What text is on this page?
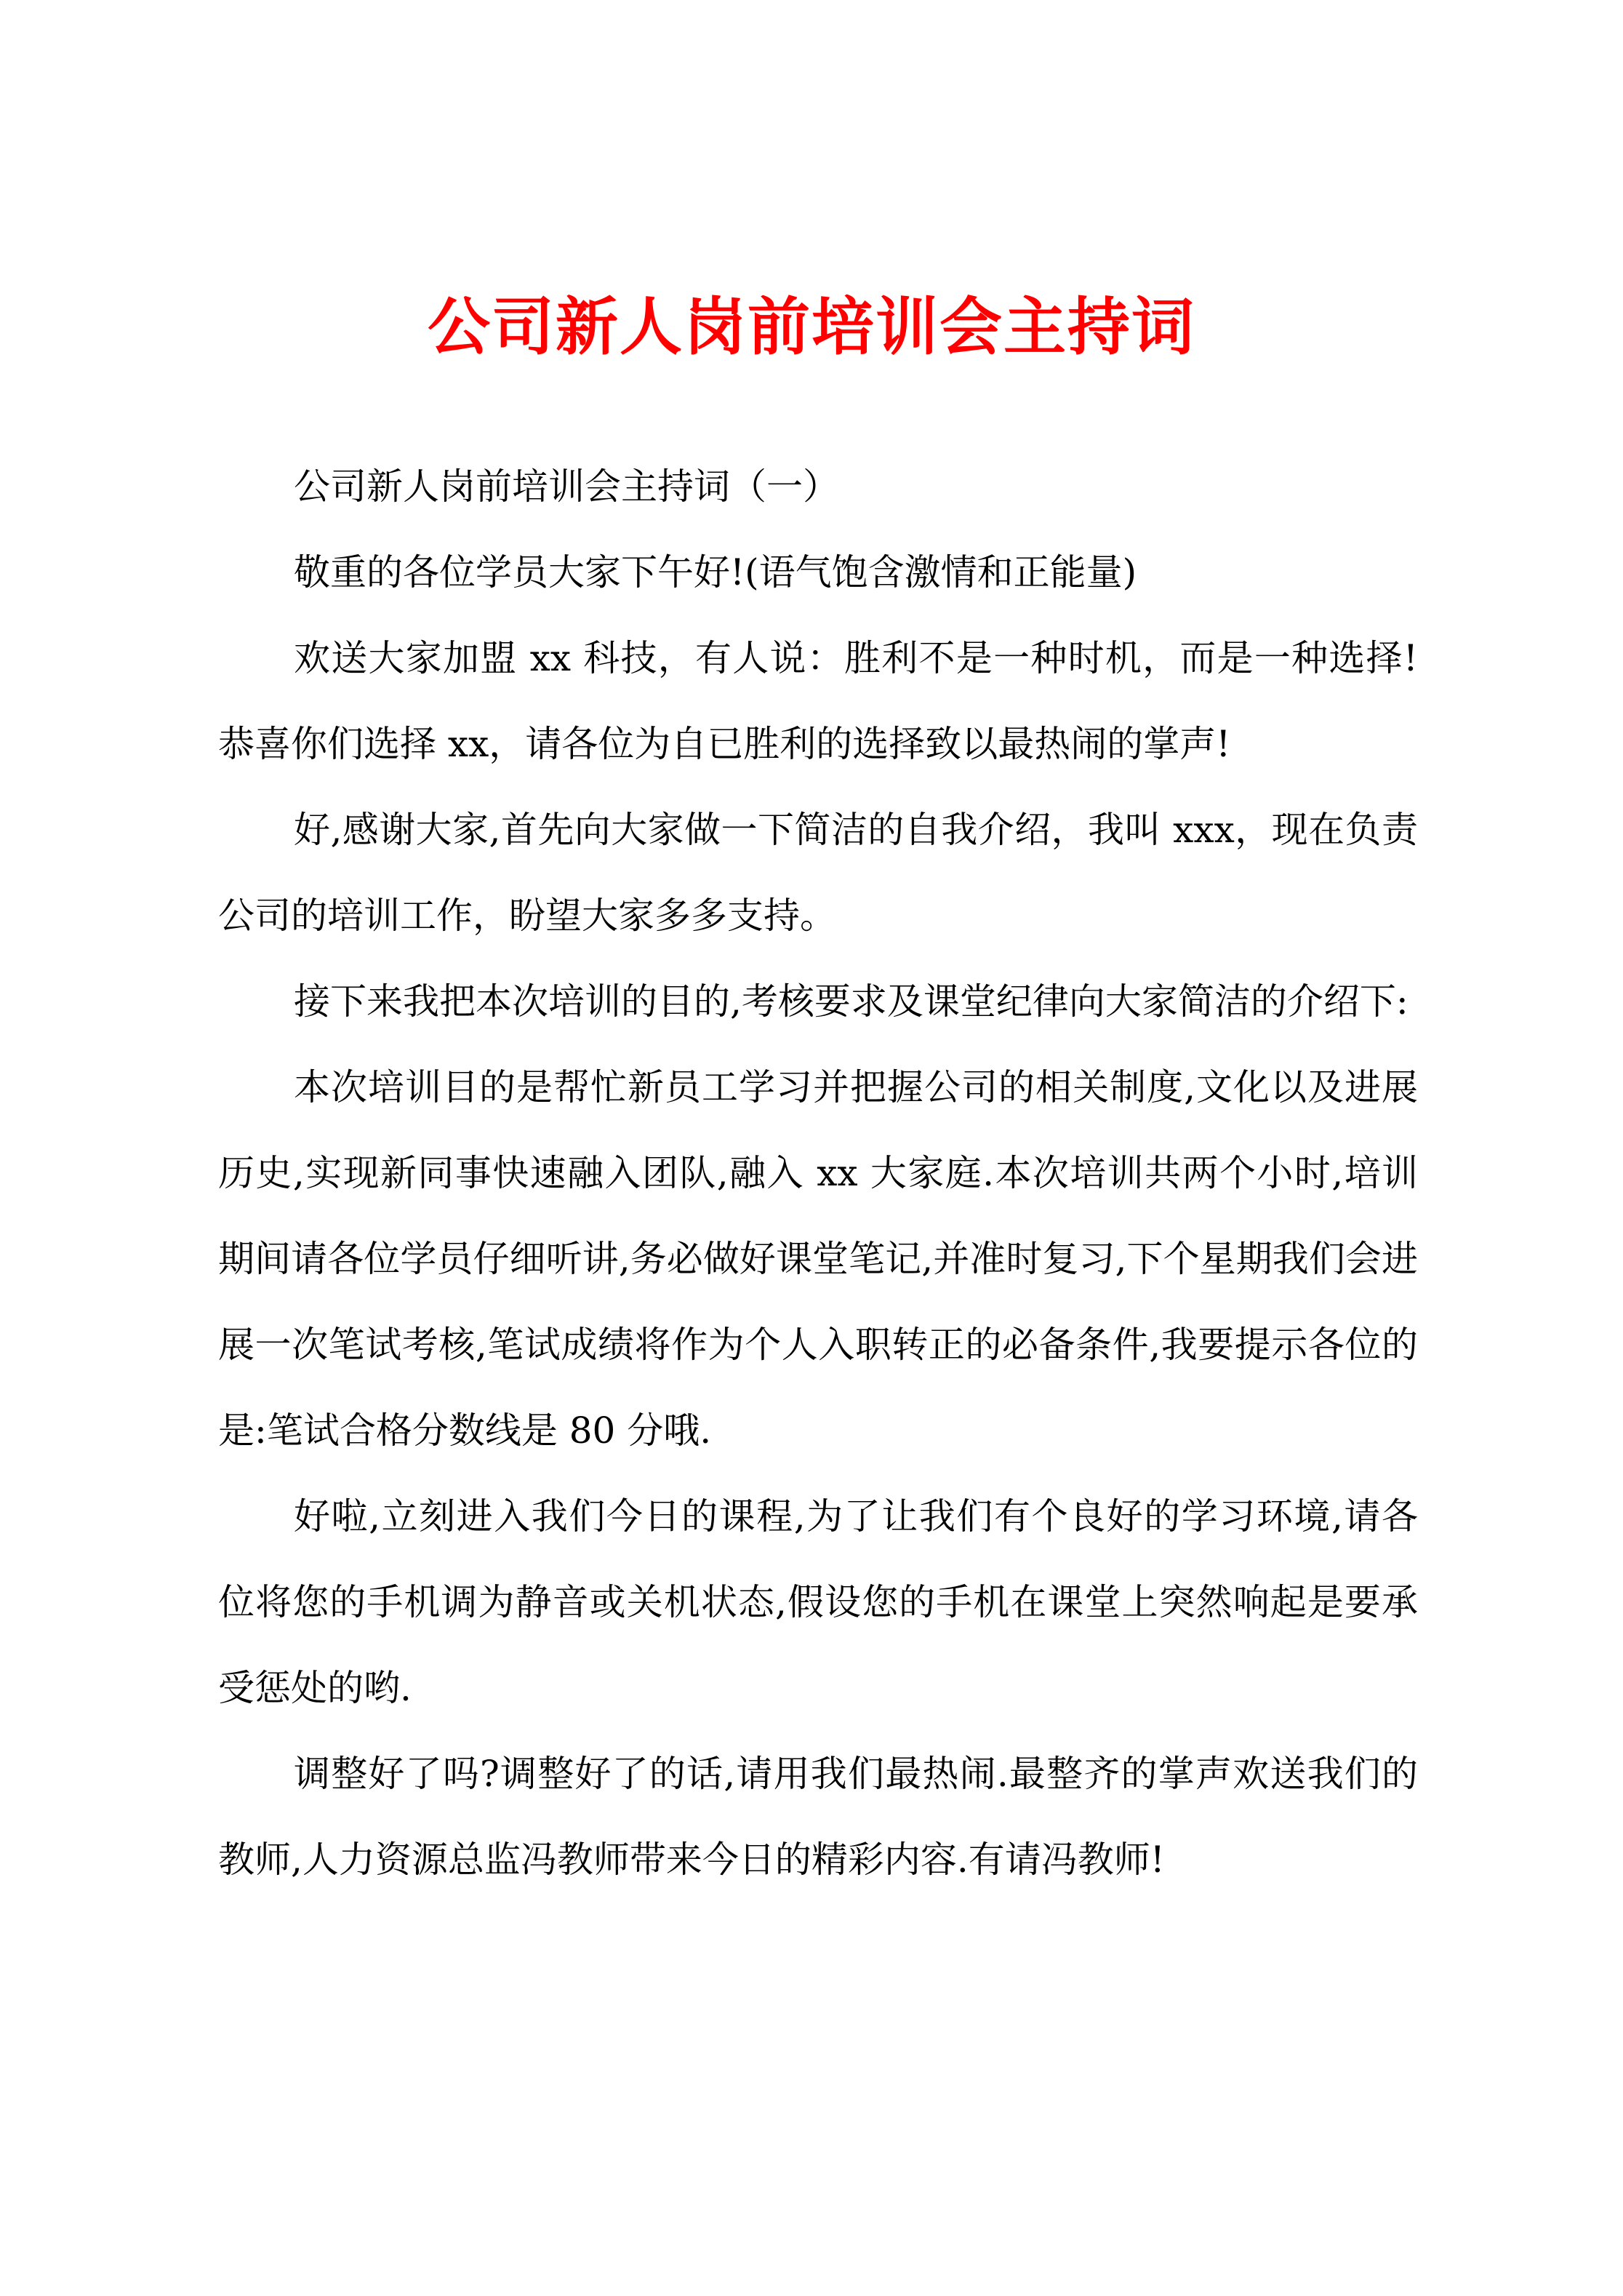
公司新人岗前培训会主持词

公司新人岗前培训会主持词（一）

敬重的各位学员大家下午好!(语气饱含激情和正能量)

欢送大家加盟 xx 科技，有人说：胜利不是一种时机，而是一种选择!恭喜你们选择 xx，请各位为自已胜利的选择致以最热闹的掌声!

好,感谢大家,首先向大家做一下简洁的自我介绍，我叫 xxx，现在负责公司的培训工作，盼望大家多多支持。

接下来我把本次培训的目的,考核要求及课堂纪律向大家简洁的介绍下:

本次培训目的是帮忙新员工学习并把握公司的相关制度,文化以及进展历史,实现新同事快速融入团队,融入 xx 大家庭.本次培训共两个小时,培训期间请各位学员仔细听讲,务必做好课堂笔记,并准时复习,下个星期我们会进展一次笔试考核,笔试成绩将作为个人入职转正的必备条件,我要提示各位的是:笔试合格分数线是 80 分哦.

好啦,立刻进入我们今日的课程,为了让我们有个良好的学习环境,请各位将您的手机调为静音或关机状态,假设您的手机在课堂上突然响起是要承受惩处的哟.

调整好了吗?调整好了的话,请用我们最热闹.最整齐的掌声欢送我们的教师,人力资源总监冯教师带来今日的精彩内容.有请冯教师!
